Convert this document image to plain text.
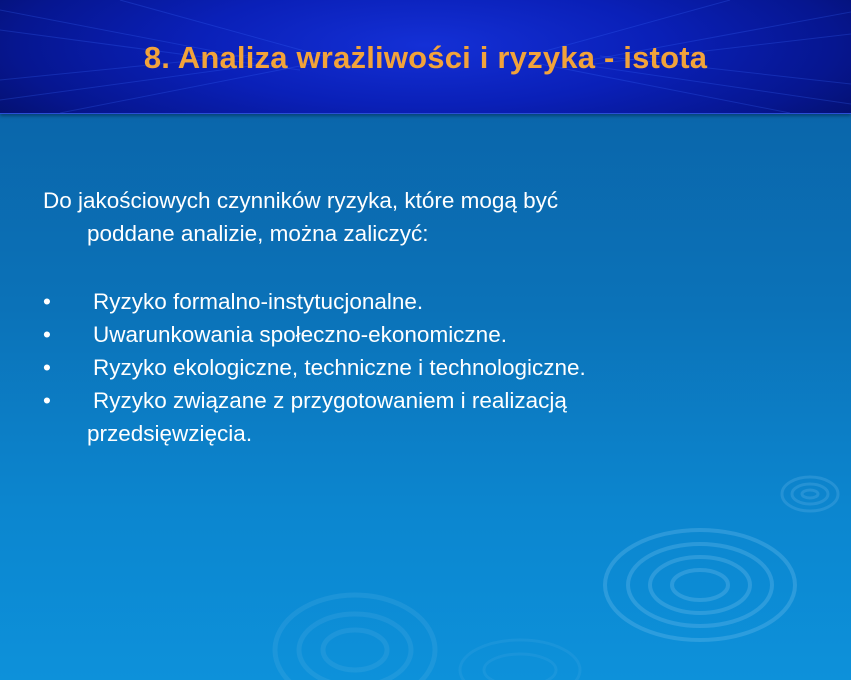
8. Analiza wrażliwości i ryzyka - istota
Do jakościowych czynników ryzyka, które mogą być
poddane analizie, można zaliczyć:
•	Ryzyko formalno-instytucjonalne.
•	Uwarunkowania społeczno-ekonomiczne.
•	Ryzyko ekologiczne, techniczne i technologiczne.
•	Ryzyko związane z przygotowaniem i realizacją
przedsięwzięcia.
